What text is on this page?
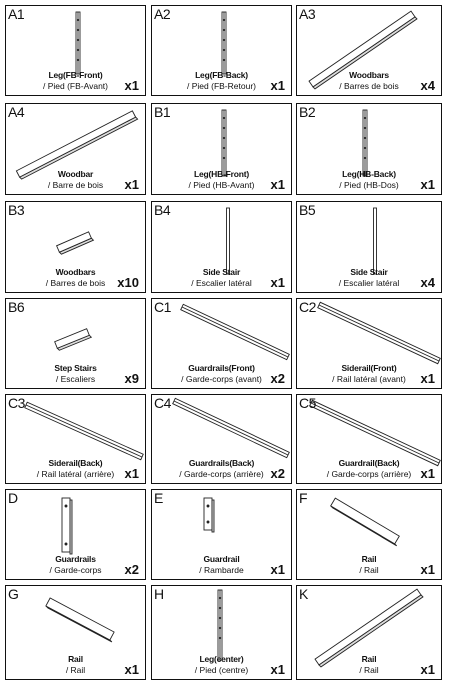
A1
Leg(FB-Front)
/ Pied (FB-Avant)	x1
A2
Leg(FB-Back)
/ Pied (FB-Retour)	x1
A3
Woodbars
/ Barres de bois	x4
A4
Woodbar
/ Barre de bois	x1
B1
Leg(HB-Front)
/ Pied (HB-Avant)	x1
B2
Leg(HB-Back)
/ Pied (HB-Dos)	x1
B3
Woodbars
/ Barres de bois x10
B4
Side Stair
/ Escalier latéral	x1
B5
Side Stair
/ Escalier latéral	x4
B6
Step Stairs
/ Escaliers	x9
C1
Guardrails(Front)
/ Garde-corps (avant) x2
C2
Siderail(Front)
/ Rail latéral (avant)	x1
C3
Siderail(Back)
/ Rail latéral (arrière) x1
C4
Guardrails(Back)
/ Garde-corps (arrière) x2
C5
Guardrail(Back)
/ Garde-corps (arrière) x1
D
Guardrails
/ Garde-corps	x2
E
Guardrail
/ Rambarde	x1
F
Rail
/ Rail	x1
G
Rail
/ Rail	x1
H
Leg(center)
/ Pied (centre)	x1
K
Rail
/ Rail	x1
